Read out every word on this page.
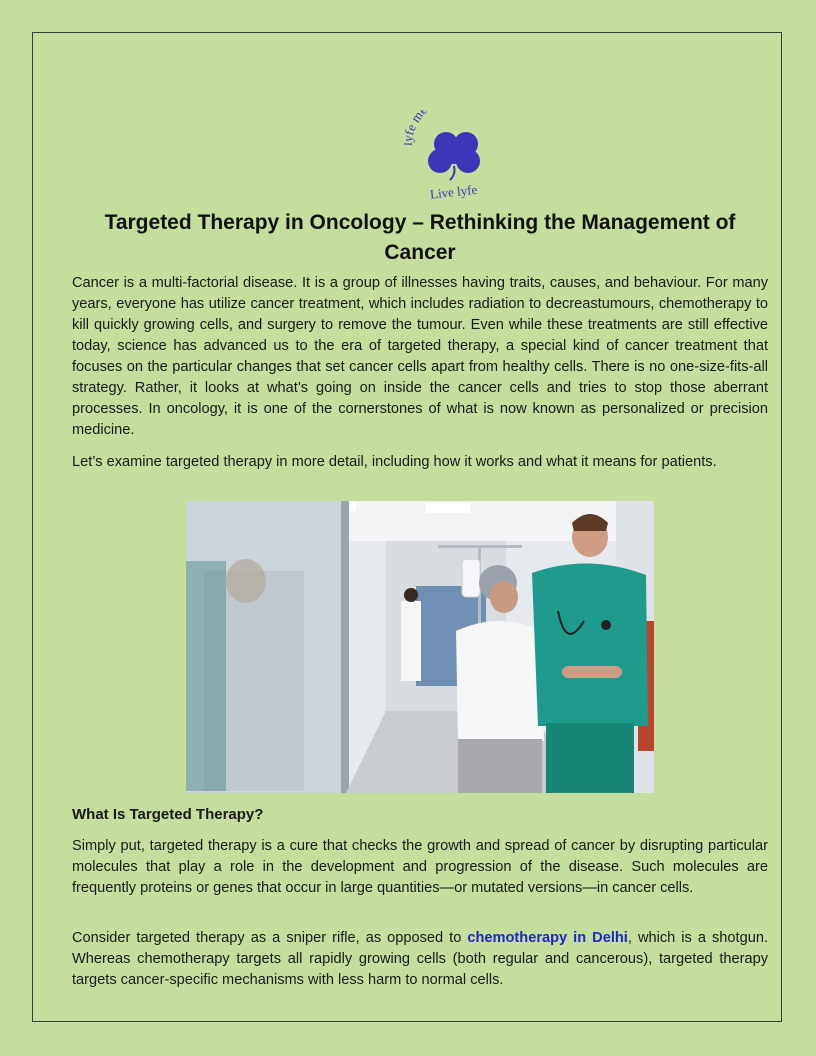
e m
Live lyfe
Targeted Therapy in Oncology – Rethinking the Management of Cancer

Cancer is a multi-factorial disease. It is a group of illnesses having traits, causes, and behaviour. For many years, everyone has utilize cancer treatment, which includes radiation to decreastumours, chemotherapy to kill quickly growing cells, and surgery to remove the tumour. Even while these treatments are still effective today, science has advanced us to the era of targeted therapy, a special kind of cancer treatment that focuses on the particular changes that set cancer cells apart from healthy cells. There is no one-size-fits-all strategy. Rather, it looks at what’s going on inside the cancer cells and tries to stop those aberrant processes. In oncology, it is one of the cornerstones of what is now known as personalized or precision medicine.

Let’s examine targeted therapy in more detail, including how it works and what it means for patients.

What Is Targeted Therapy?

Simply put, targeted therapy is a cure that checks the growth and spread of cancer by disrupting particular molecules that play a role in the development and progression of the disease. Such molecules are frequently proteins or genes that occur in large quantities—or mutated versions—in cancer cells.

Consider targeted therapy as a sniper rifle, as opposed to chemotherapy in Delhi, which is a shotgun. Whereas chemotherapy targets all rapidly growing cells (both regular and cancerous), targeted therapy targets cancer-specific mechanisms with less harm to normal cells.
